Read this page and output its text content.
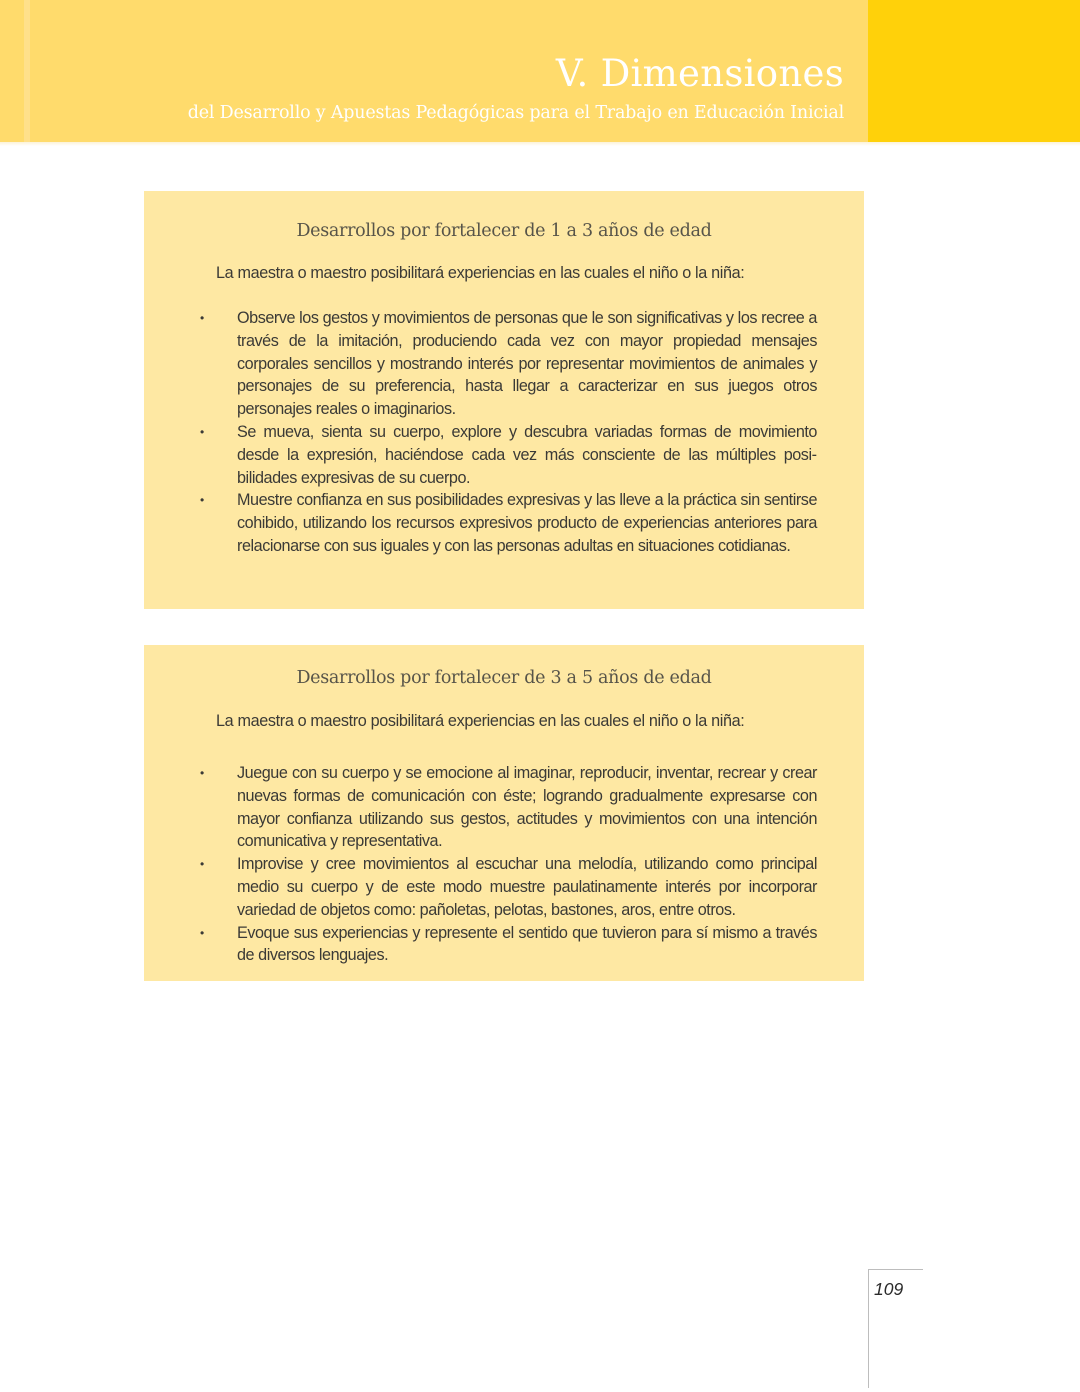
V. Dimensiones
del Desarrollo y Apuestas Pedagógicas para el Trabajo en Educación Inicial
Desarrollos por fortalecer de 1 a 3 años de edad

La maestra o maestro posibilitará experiencias en las cuales el niño o la niña:

• Observe los gestos y movimientos de personas que le son significativas y los recree a través de la imitación, produciendo cada vez con mayor propiedad mensajes corporales sencillos y mostrando interés por representar movimientos de animales y personajes de su preferencia, hasta llegar a caracterizar en sus juegos otros personajes reales o imaginarios.
• Se mueva, sienta su cuerpo, explore y descubra variadas formas de movimiento desde la expresión, haciéndose cada vez más consciente de las múltiples posibilidades expresivas de su cuerpo.
• Muestre confianza en sus posibilidades expresivas y las lleve a la práctica sin sentirse cohibido, utilizando los recursos expresivos producto de experiencias anteriores para relacionarse con sus iguales y con las personas adultas en situaciones cotidianas.
Desarrollos por fortalecer de 3 a 5 años de edad

La maestra o maestro posibilitará experiencias en las cuales el niño o la niña:

• Juegue con su cuerpo y se emocione al imaginar, reproducir, inventar, recrear y crear nuevas formas de comunicación con éste; logrando gradualmente expresarse con mayor confianza utilizando sus gestos, actitudes y movimientos con una intención comunicativa y representativa.
• Improvise y cree movimientos al escuchar una melodía, utilizando como principal medio su cuerpo y de este modo muestre paulatinamente interés por incorporar variedad de objetos como: pañoletas, pelotas, bastones, aros, entre otros.
• Evoque sus experiencias y represente el sentido que tuvieron para sí mismo a través de diversos lenguajes.

109
